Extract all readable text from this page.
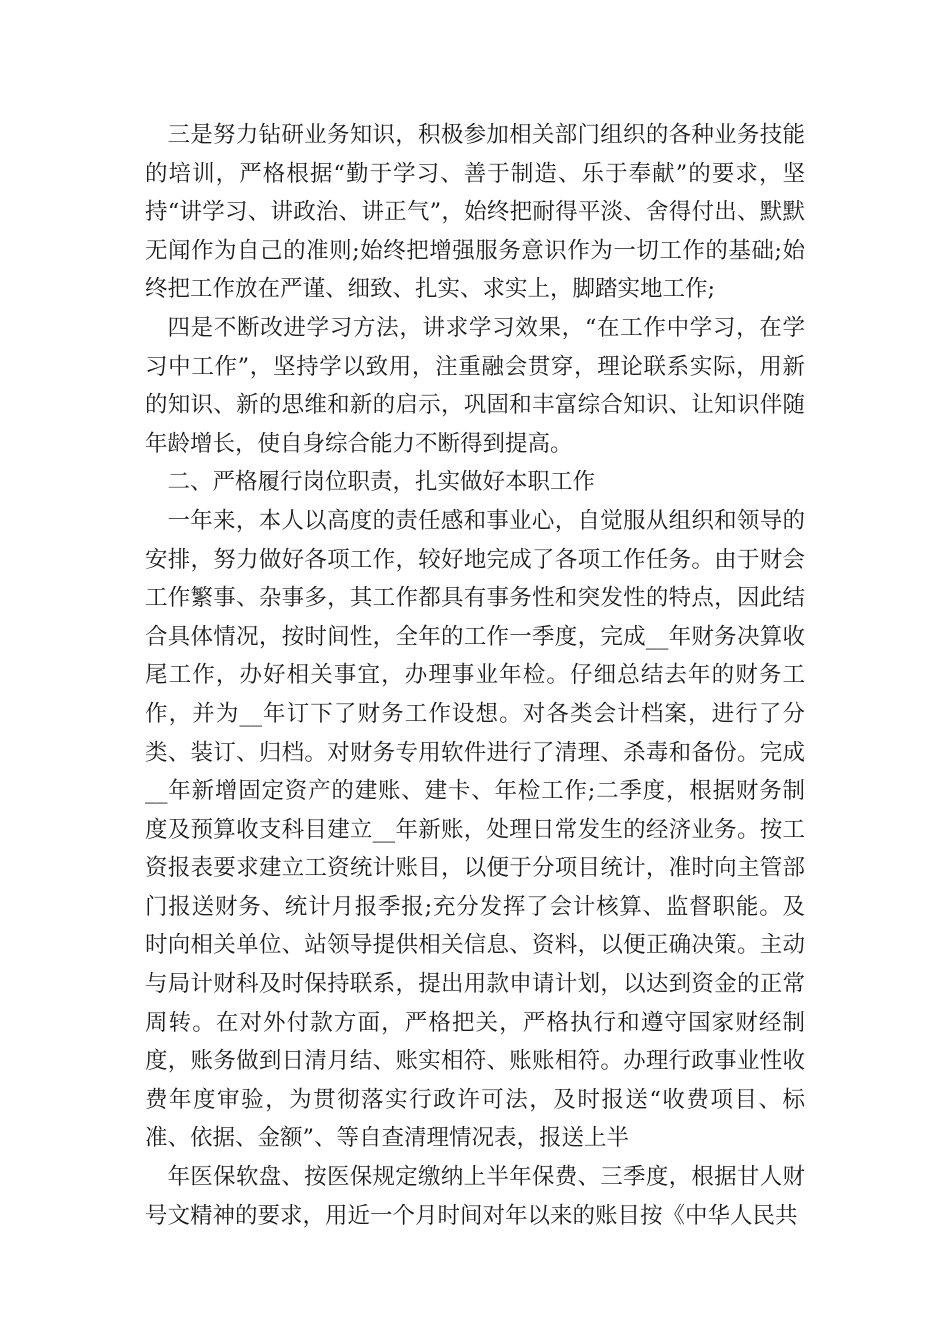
三是努力钻研业务知识，积极参加相关部门组织的各种业务技能的培训，严格根据“勤于学习、善于制造、乐于奉献”的要求，坚持“讲学习、讲政治、讲正气”，始终把耐得平淡、舍得付出、默默无闻作为自己的准则;始终把增强服务意识作为一切工作的基础;始终把工作放在严谨、细致、扎实、求实上，脚踏实地工作;

四是不断改进学习方法，讲求学习效果，“在工作中学习，在学习中工作”，坚持学以致用，注重融会贯穿，理论联系实际，用新的知识、新的思维和新的启示，巩固和丰富综合知识、让知识伴随年龄增长，使自身综合能力不断得到提高。

二、严格履行岗位职责，扎实做好本职工作

一年来，本人以高度的责任感和事业心，自觉服从组织和领导的安排，努力做好各项工作，较好地完成了各项工作任务。由于财会工作繁事、杂事多，其工作都具有事务性和突发性的特点，因此结合具体情况，按时间性，全年的工作一季度，完成__年财务决算收尾工作，办好相关事宜，办理事业年检。仔细总结去年的财务工作，并为__年订下了财务工作设想。对各类会计档案，进行了分类、装订、归档。对财务专用软件进行了清理、杀毒和备份。完成__年新增固定资产的建账、建卡、年检工作;二季度，根据财务制度及预算收支科目建立__年新账，处理日常发生的经济业务。按工资报表要求建立工资统计账目，以便于分项目统计，准时向主管部门报送财务、统计月报季报;充分发挥了会计核算、监督职能。及时向相关单位、站领导提供相关信息、资料，以便正确决策。主动与局计财科及时保持联系，提出用款申请计划，以达到资金的正常周转。在对外付款方面，严格把关，严格执行和遵守国家财经制度，账务做到日清月结、账实相符、账账相符。办理行政事业性收费年度审验，为贯彻落实行政许可法，及时报送“收费项目、标准、依据、金额”、等自查清理情况表，报送上半

年医保软盘、按医保规定缴纳上半年保费、三季度，根据甘人财号文精神的要求，用近一个月时间对年以来的账目按《中华人民共
